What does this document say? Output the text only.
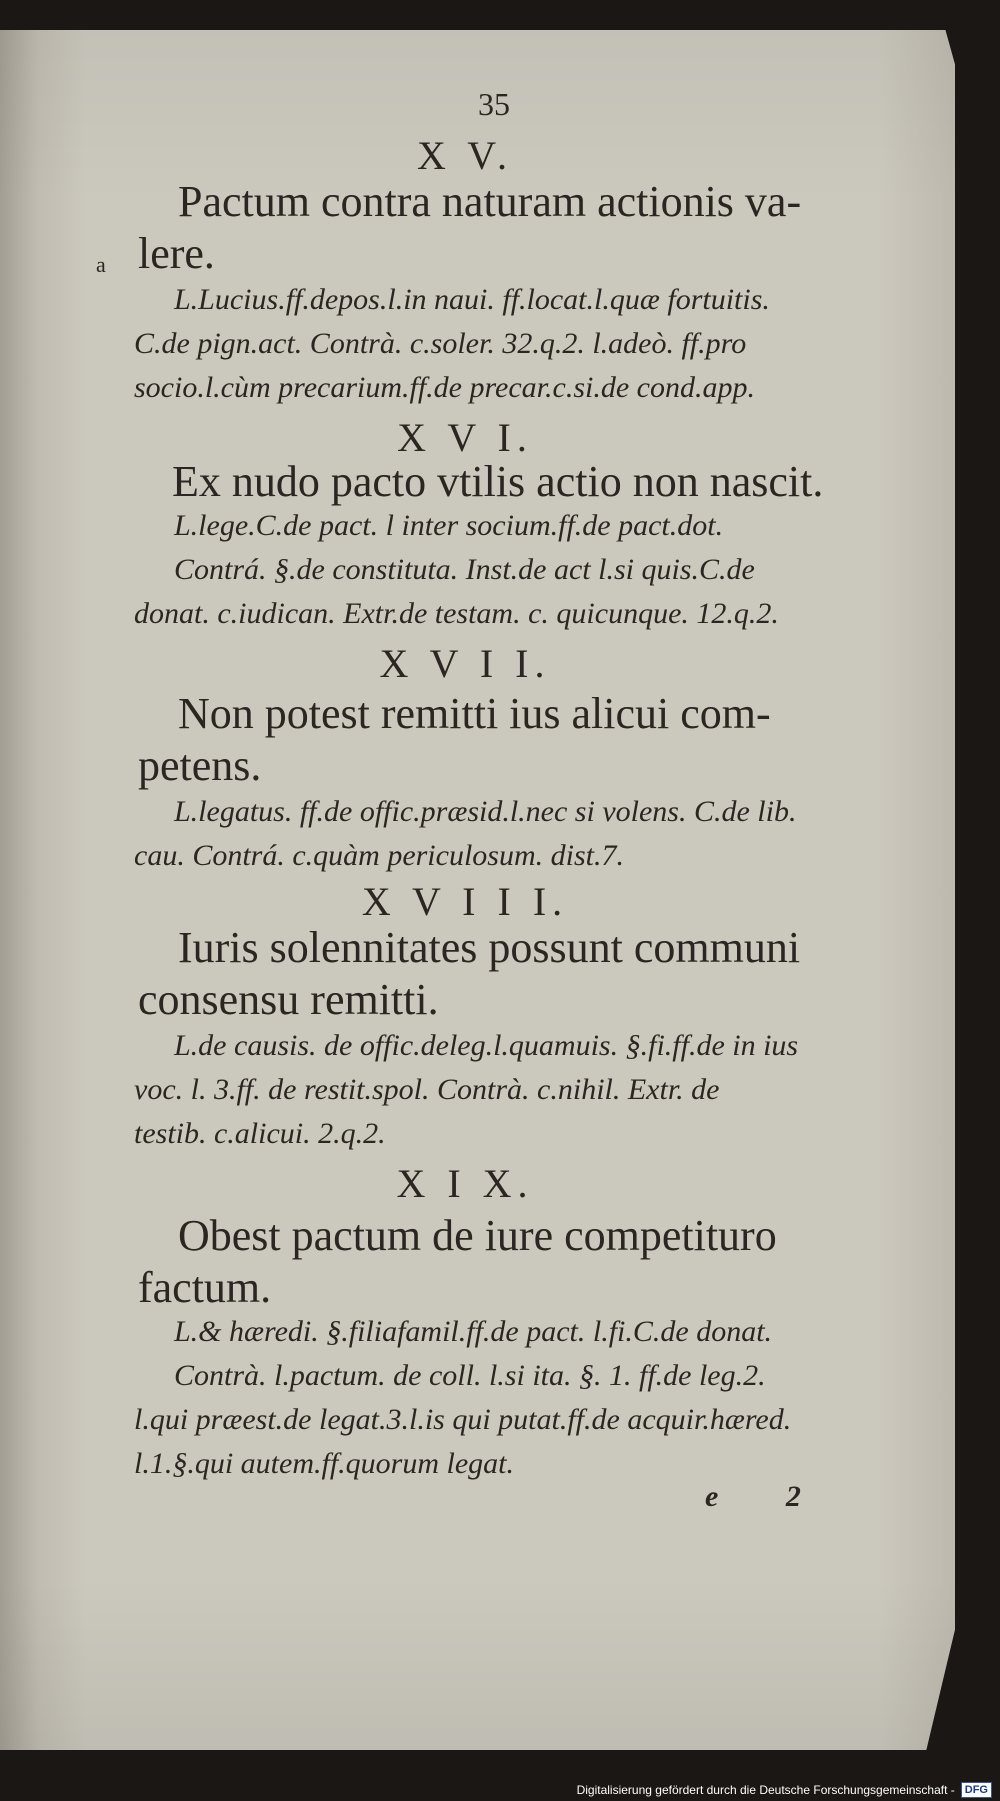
35
a
X V.
Pactum contra naturam actionis va-
lere.
L.Lucius.ff.depos.l.in naui. ff.locat.l.quæ fortuitis.
C.de pign.act. Contrà. c.soler. 32.q.2. l.adeò. ff.pro
socio.l.cùm precarium.ff.de precar.c.si.de cond.app.
X V I.
Ex nudo pacto vtilis actio non nascit.
L.lege.C.de pact. l inter socium.ff.de pact.dot.
Contrá. §.de constituta. Inst.de act l.si quis.C.de
donat. c.iudican. Extr.de testam. c. quicunque. 12.q.2.
X V I I.
Non potest remitti ius alicui com-
petens.
L.legatus. ff.de offic.præsid.l.nec si volens. C.de lib.
cau. Contrá. c.quàm periculosum. dist.7.
X V I I I.
Iuris solennitates possunt communi
consensu remitti.
L.de causis. de offic.deleg.l.quamuis. §.fi.ff.de in ius
voc. l. 3.ff. de restit.spol. Contrà. c.nihil. Extr. de
testib. c.alicui. 2.q.2.
X I X.
Obest pactum de iure competituro
factum.
L.& hæredi. §.filiafamil.ff.de pact. l.fi.C.de donat.
Contrà. l.pactum. de coll. l.si ita. §. 1. ff.de leg.2.
l.qui præest.de legat.3.l.is qui putat.ff.de acquir.hæred.
l.1.§.qui autem.ff.quorum legat.
e 2
Digitalisierung gefördert durch die Deutsche Forschungsgemeinschaft - DFG
